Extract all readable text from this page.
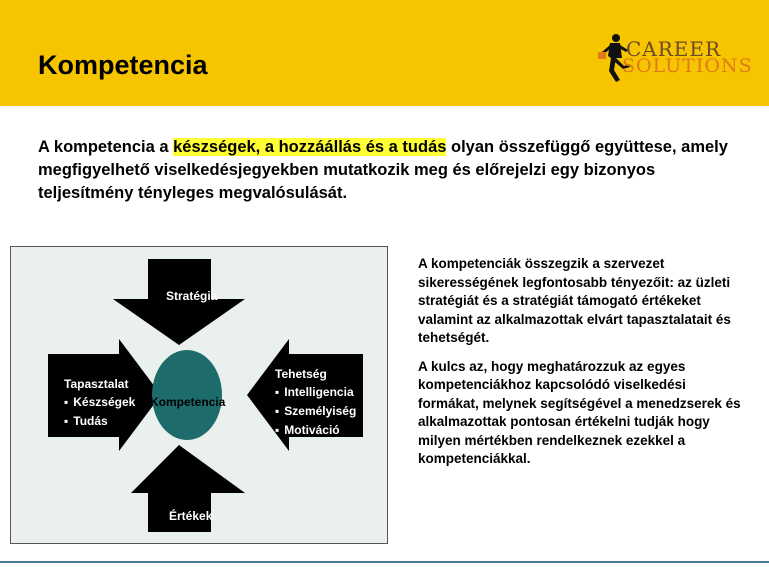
Kompetencia
CAREER
SOLUTIONS
A kompetencia a készségek, a hozzáállás és a tudás olyan összefüggő együttese, amely megfigyelhető viselkedésjegyekben mutatkozik meg és előrejelzi egy bizonyos teljesítmény tényleges megvalósulását.
Stratégia
Értékek
Tapasztalat
▪ Készségek
▪ Tudás
Tehetség
▪ Intelligencia
▪ Személyiség
▪ Motiváció
Kompetencia

A kompetenciák összegzik a szervezet sikerességének legfontosabb tényezőit: az üzleti stratégiát és a stratégiát támogató értékeket valamint az alkalmazottak elvárt tapasztalatait és tehetségét.

A kulcs az, hogy meghatározzuk az egyes kompetenciákhoz kapcsolódó viselkedési formákat, melynek segítségével a menedzserek és alkalmazottak pontosan értékelni tudják hogy milyen mértékben rendelkeznek ezekkel a kompetenciákkal.
